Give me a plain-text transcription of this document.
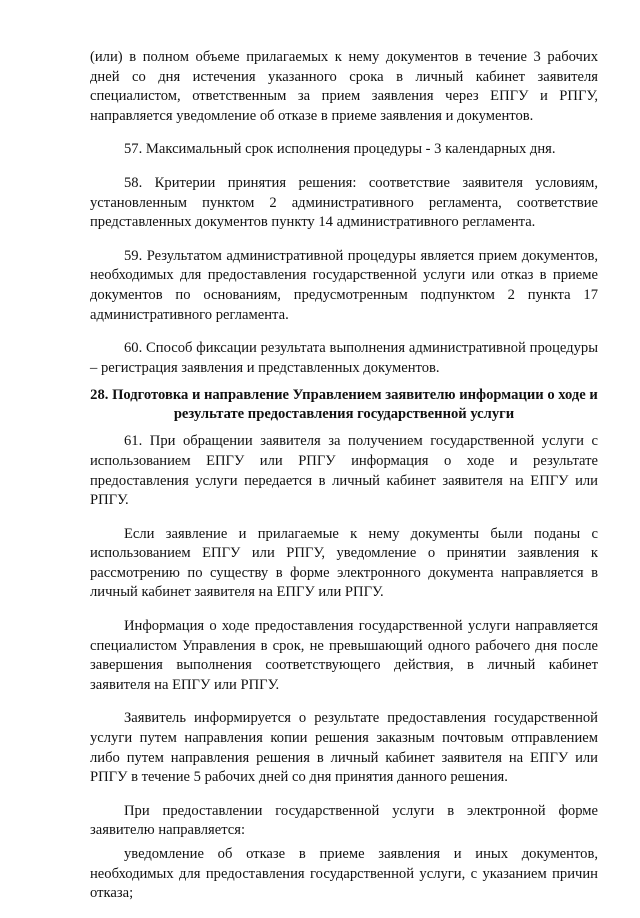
(или) в полном объеме прилагаемых к нему документов в течение 3 рабочих дней со дня истечения указанного срока в личный кабинет заявителя специалистом, ответственным за прием заявления через ЕПГУ и РПГУ, направляется уведомление об отказе в приеме заявления и документов.

57. Максимальный срок исполнения процедуры - 3 календарных дня.

58. Критерии принятия решения: соответствие заявителя условиям, установленным пунктом 2 административного регламента, соответствие представленных документов пункту 14 административного регламента.

59. Результатом административной процедуры является прием документов, необходимых для предоставления государственной услуги или отказ в приеме документов по основаниям, предусмотренным подпунктом 2 пункта 17 административного регламента.

60. Способ фиксации результата выполнения административной процедуры – регистрация заявления и представленных документов.

28. Подготовка и направление Управлением заявителю информации о ходе и результате предоставления государственной услуги

61. При обращении заявителя за получением государственной услуги с использованием ЕПГУ или РПГУ информация о ходе и результате предоставления услуги передается в личный кабинет заявителя на ЕПГУ или РПГУ.

Если заявление и прилагаемые к нему документы были поданы с использованием ЕПГУ или РПГУ, уведомление о принятии заявления к рассмотрению по существу в форме электронного документа направляется в личный кабинет заявителя на ЕПГУ или РПГУ.

Информация о ходе предоставления государственной услуги направляется специалистом Управления в срок, не превышающий одного рабочего дня после завершения выполнения соответствующего действия, в личный кабинет заявителя на ЕПГУ или РПГУ.

Заявитель информируется о результате предоставления государственной услуги путем направления копии решения заказным почтовым отправлением либо путем направления решения в личный кабинет заявителя на ЕПГУ или РПГУ в течение 5 рабочих дней со дня принятия данного решения.

При предоставлении государственной услуги в электронной форме заявителю направляется:

уведомление об отказе в приеме заявления и иных документов, необходимых для предоставления государственной услуги, с указанием причин отказа;
